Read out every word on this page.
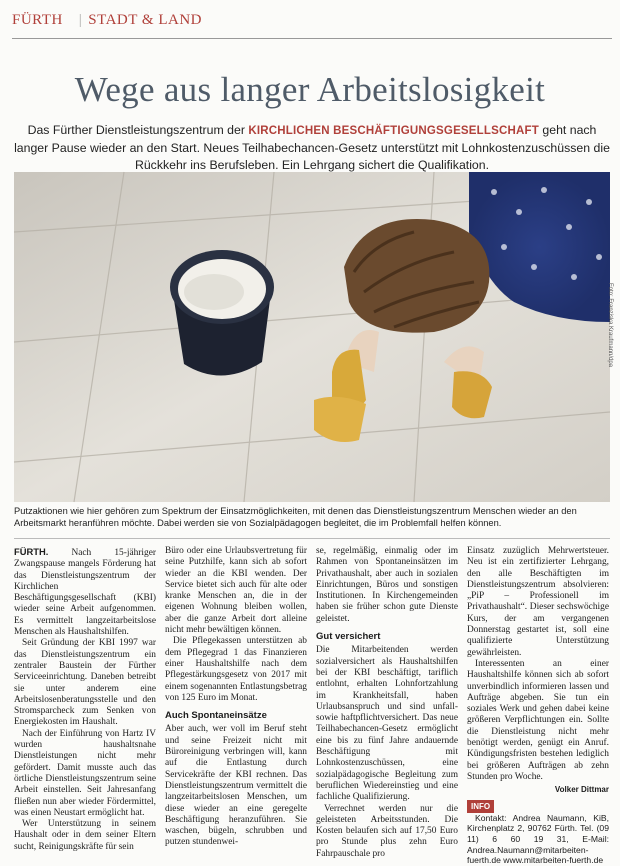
FÜRTH | STADT & LAND
Wege aus langer Arbeitslosigkeit
Das Fürther Dienstleistungszentrum der KIRCHLICHEN BESCHÄFTIGUNGSGESELLSCHAFT geht nach langer Pause wieder an den Start. Neues Teilhabechancen-Gesetz unterstützt mit Lohnkostenzuschüssen die Rückkehr ins Berufsleben. Ein Lehrgang sichert die Qualifikation.
Foto: Franziska Kraufmann/dpa
Putzaktionen wie hier gehören zum Spektrum der Einsatzmöglichkeiten, mit denen das Dienstleistungszentrum Menschen wieder an den Arbeitsmarkt heranführen möchte. Dabei werden sie von Sozialpädagogen begleitet, die im Problemfall helfen können.

FÜRTH. Nach 15-jähriger Zwangspause mangels Förderung hat das Dienstleistungszentrum der Kirchlichen Beschäftigungsgesellschaft (KBI) wieder seine Arbeit aufgenommen. Es vermittelt langzeitarbeitslose Menschen als Haushaltshilfen.

Seit Gründung der KBI 1997 war das Dienstleistungszentrum ein zentraler Baustein der Fürther Serviceeinrichtung. Daneben betreibt sie unter anderem eine Arbeitslosenberatungsstelle und den Stromsparcheck zum Senken von Energiekosten im Haushalt.

Nach der Einführung von Hartz IV wurden haushaltsnahe Dienstleistungen nicht mehr gefördert. Damit musste auch das örtliche Dienstleistungszentrum seine Arbeit einstellen. Seit Jahresanfang fließen nun aber wieder Fördermittel, was einen Neustart ermöglicht hat.

Wer Unterstützung in seinem Haushalt oder in dem seiner Eltern sucht, Reinigungskräfte für sein

Büro oder eine Urlaubsvertretung für seine Putzhilfe, kann sich ab sofort wieder an die KBI wenden. Der Service bietet sich auch für alte oder kranke Menschen an, die in der eigenen Wohnung bleiben wollen, aber die ganze Arbeit dort alleine nicht mehr bewältigen können.

Die Pflegekassen unterstützen ab dem Pflegegrad 1 das Finanzieren einer Haushaltshilfe nach dem Pflegestärkungsgesetz von 2017 mit einem sogenannten Entlastungsbetrag von 125 Euro im Monat.

Auch Spontaneinsätze

Aber auch, wer voll im Beruf steht und seine Freizeit nicht mit Büroreinigung verbringen will, kann auf die Entlastung durch Servicekräfte der KBI rechnen. Das Dienstleistungszentrum vermittelt die langzeitarbeitslosen Menschen, um diese wieder an eine geregelte Beschäftigung heranzuführen. Sie waschen, bügeln, schrubben und putzen stundenwei-

se, regelmäßig, einmalig oder im Rahmen von Spontaneinsätzen im Privathaushalt, aber auch in sozialen Einrichtungen, Büros und sonstigen Institutionen. In Kirchengemeinden haben sie früher schon gute Dienste geleistet.

Gut versichert

Die Mitarbeitenden werden sozialversichert als Haushaltshilfen bei der KBI beschäftigt, tariflich entlohnt, erhalten Lohnfortzahlung im Krankheitsfall, haben Urlaubsanspruch und sind unfall- sowie haftpflichtversichert. Das neue Teilhabechancen-Gesetz ermöglicht eine bis zu fünf Jahre andauernde Beschäftigung mit Lohnkostenzuschüssen, eine sozialpädagogische Begleitung zum beruflichen Wiedereinstieg und eine fachliche Qualifizierung.

Verrechnet werden nur die geleisteten Arbeitsstunden. Die Kosten belaufen sich auf 17,50 Euro pro Stunde plus zehn Euro Fahrpauschale pro

Einsatz zuzüglich Mehrwertsteuer. Neu ist ein zertifizierter Lehrgang, den alle Beschäftigten im Dienstleistungszentrum absolvieren: „PiP – Professionell im Privathaushalt“. Dieser sechswöchige Kurs, der am vergangenen Donnerstag gestartet ist, soll eine qualifizierte Unterstützung gewährleisten.

Interessenten an einer Haushaltshilfe können sich ab sofort unverbindlich informieren lassen und Aufträge abgeben. Sie tun ein soziales Werk und gehen dabei keine größeren Verpflichtungen ein. Sollte die Dienstleistung nicht mehr benötigt werden, genügt ein Anruf. Kündigungsfristen bestehen lediglich bei größeren Aufträgen ab zehn Stunden pro Woche.

Volker Dittmar
INFO

Kontakt: Andrea Naumann, KiB, Kirchenplatz 2, 90762 Fürth. Tel. (09 11) 6 60 19 31, E-Mail: Andrea.Naumann@mitarbeiten-fuerth.de www.mitarbeiten-fuerth.de
